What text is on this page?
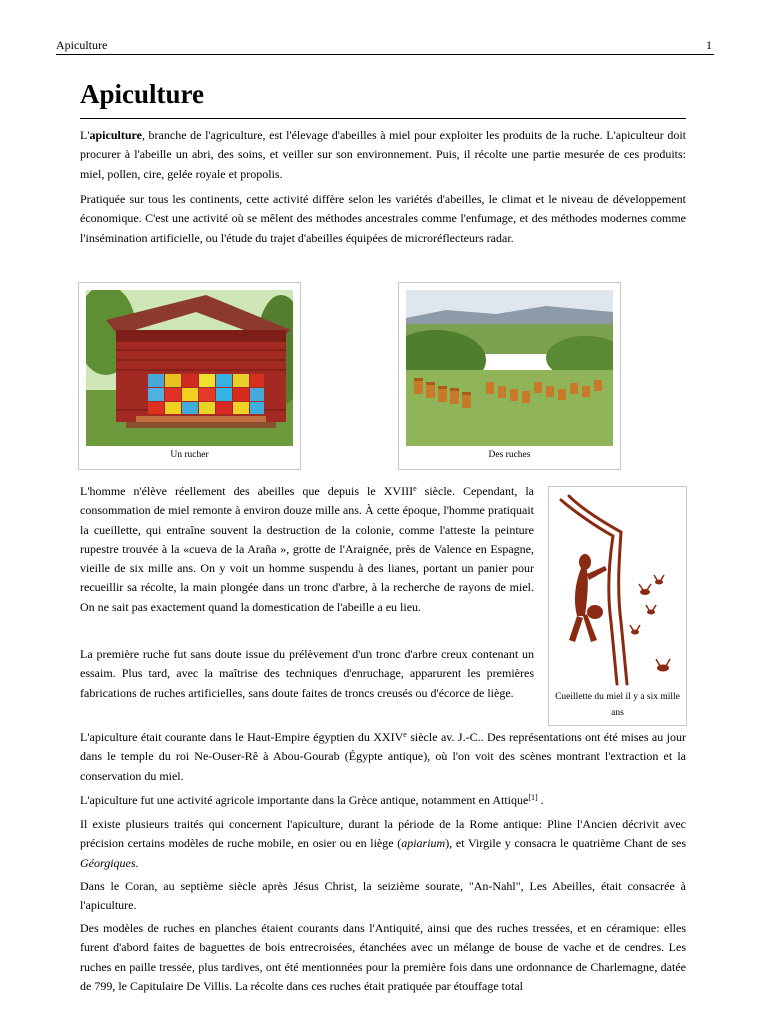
Apiculture	1
Apiculture

L'apiculture, branche de l'agriculture, est l'élevage d'abeilles à miel pour exploiter les produits de la ruche. L'apiculteur doit procurer à l'abeille un abri, des soins, et veiller sur son environnement. Puis, il récolte une partie mesurée de ces produits: miel, pollen, cire, gelée royale et propolis.

Pratiquée sur tous les continents, cette activité diffère selon les variétés d'abeilles, le climat et le niveau de développement économique. C'est une activité où se mêlent des méthodes ancestrales comme l'enfumage, et des méthodes modernes comme l'insémination artificielle, ou l'étude du trajet d'abeilles équipées de microréflecteurs radar.

Un rucher	Des ruches

L'homme n'élève réellement des abeilles que depuis le XVIIIe siècle. Cependant, la consommation de miel remonte à environ douze mille ans. À cette époque, l'homme pratiquait la cueillette, qui entraîne souvent la destruction de la colonie, comme l'atteste la peinture rupestre trouvée à la «cueva de la Araña », grotte de l'Araignée, près de Valence en Espagne, vieille de six mille ans. On y voit un homme suspendu à des lianes, portant un panier pour recueillir sa récolte, la main plongée dans un tronc d'arbre, à la recherche de rayons de miel. On ne sait pas exactement quand la domestication de l'abeille a eu lieu.

Cueillette du miel il y a six mille ans

La première ruche fut sans doute issue du prélèvement d'un tronc d'arbre creux contenant un essaim. Plus tard, avec la maîtrise des techniques d'enruchage, apparurent les premières fabrications de ruches artificielles, sans doute faites de troncs creusés ou d'écorce de liège.

L'apiculture était courante dans le Haut-Empire égyptien du XXIVe siècle av. J.-C.. Des représentations ont été mises au jour dans le temple du roi Ne-Ouser-Rê à Abou-Gourab (Égypte antique), où l'on voit des scènes montrant l'extraction et la conservation du miel.

L'apiculture fut une activité agricole importante dans la Grèce antique, notamment en Attique[1] .

Il existe plusieurs traités qui concernent l'apiculture, durant la période de la Rome antique: Pline l'Ancien décrivit avec précision certains modèles de ruche mobile, en osier ou en liège (apiarium), et Virgile y consacra le quatrième Chant de ses Géorgiques.

Dans le Coran, au septième siècle après Jésus Christ, la seizième sourate, "An-Nahl", Les Abeilles, était consacrée à l'apiculture.

Des modèles de ruches en planches étaient courants dans l'Antiquité, ainsi que des ruches tressées, et en céramique: elles furent d'abord faites de baguettes de bois entrecroisées, étanchées avec un mélange de bouse de vache et de cendres. Les ruches en paille tressée, plus tardives, ont été mentionnées pour la première fois dans une ordonnance de Charlemagne, datée de 799, le Capitulaire De Villis. La récolte dans ces ruches était pratiquée par étouffage total
